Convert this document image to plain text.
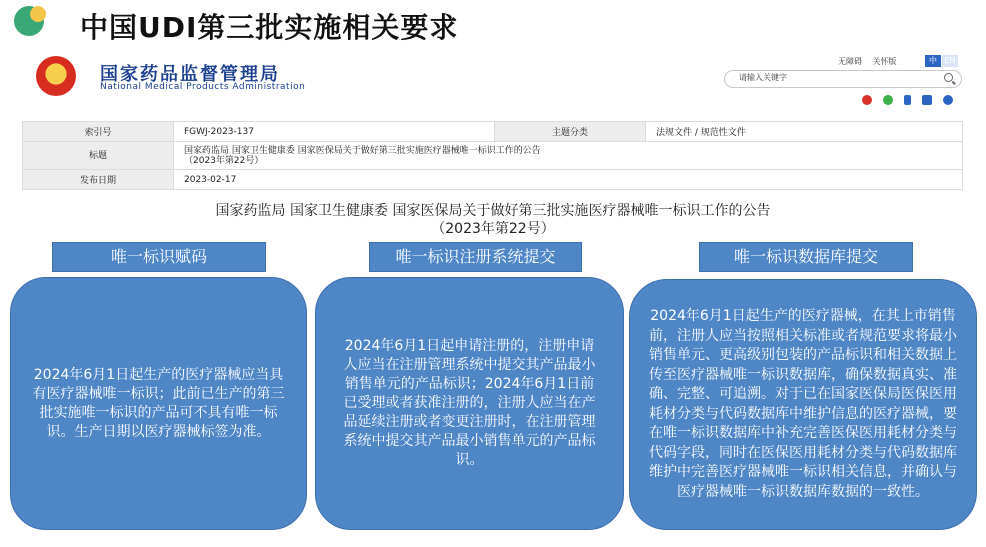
中国UDI第三批实施相关要求
★ 国家药品监督管理局
National Medical Products Administration
无障碍 关怀版	中 EN
请输入关键字

索引号	FGWJ-2023-137	主题分类	法规文件 / 规范性文件
标题	国家药监局 国家卫生健康委 国家医保局关于做好第三批实施医疗器械唯一标识工作的公告
（2023年第22号）		

发布日期	2023-02-17		
国家药监局 国家卫生健康委 国家医保局关于做好第三批实施医疗器械唯一标识工作的公告
（2023年第22号）
唯一标识赋码	唯一标识注册系统提交	唯一标识数据库提交
2024年6月1日起生产的医疗器械应当具有医疗器械唯一标识；此前已生产的第三批实施唯一标识的产品可不具有唯一标识。生产日期以医疗器械标签为准。
2024年6月1日起申请注册的，注册申请人应当在注册管理系统中提交其产品最小销售单元的产品标识；2024年6月1日前已受理或者获准注册的，注册人应当在产品延续注册或者变更注册时，在注册管理系统中提交其产品最小销售单元的产品标识。
2024年6月1日起生产的医疗器械，在其上市销售前，注册人应当按照相关标准或者规范要求将最小销售单元、更高级别包装的产品标识和相关数据上传至医疗器械唯一标识数据库，确保数据真实、准确、完整、可追溯。对于已在国家医保局医保医用耗材分类与代码数据库中维护信息的医疗器械，要在唯一标识数据库中补充完善医保医用耗材分类与代码字段，同时在医保医用耗材分类与代码数据库维护中完善医疗器械唯一标识相关信息，并确认与医疗器械唯一标识数据库数据的一致性。
